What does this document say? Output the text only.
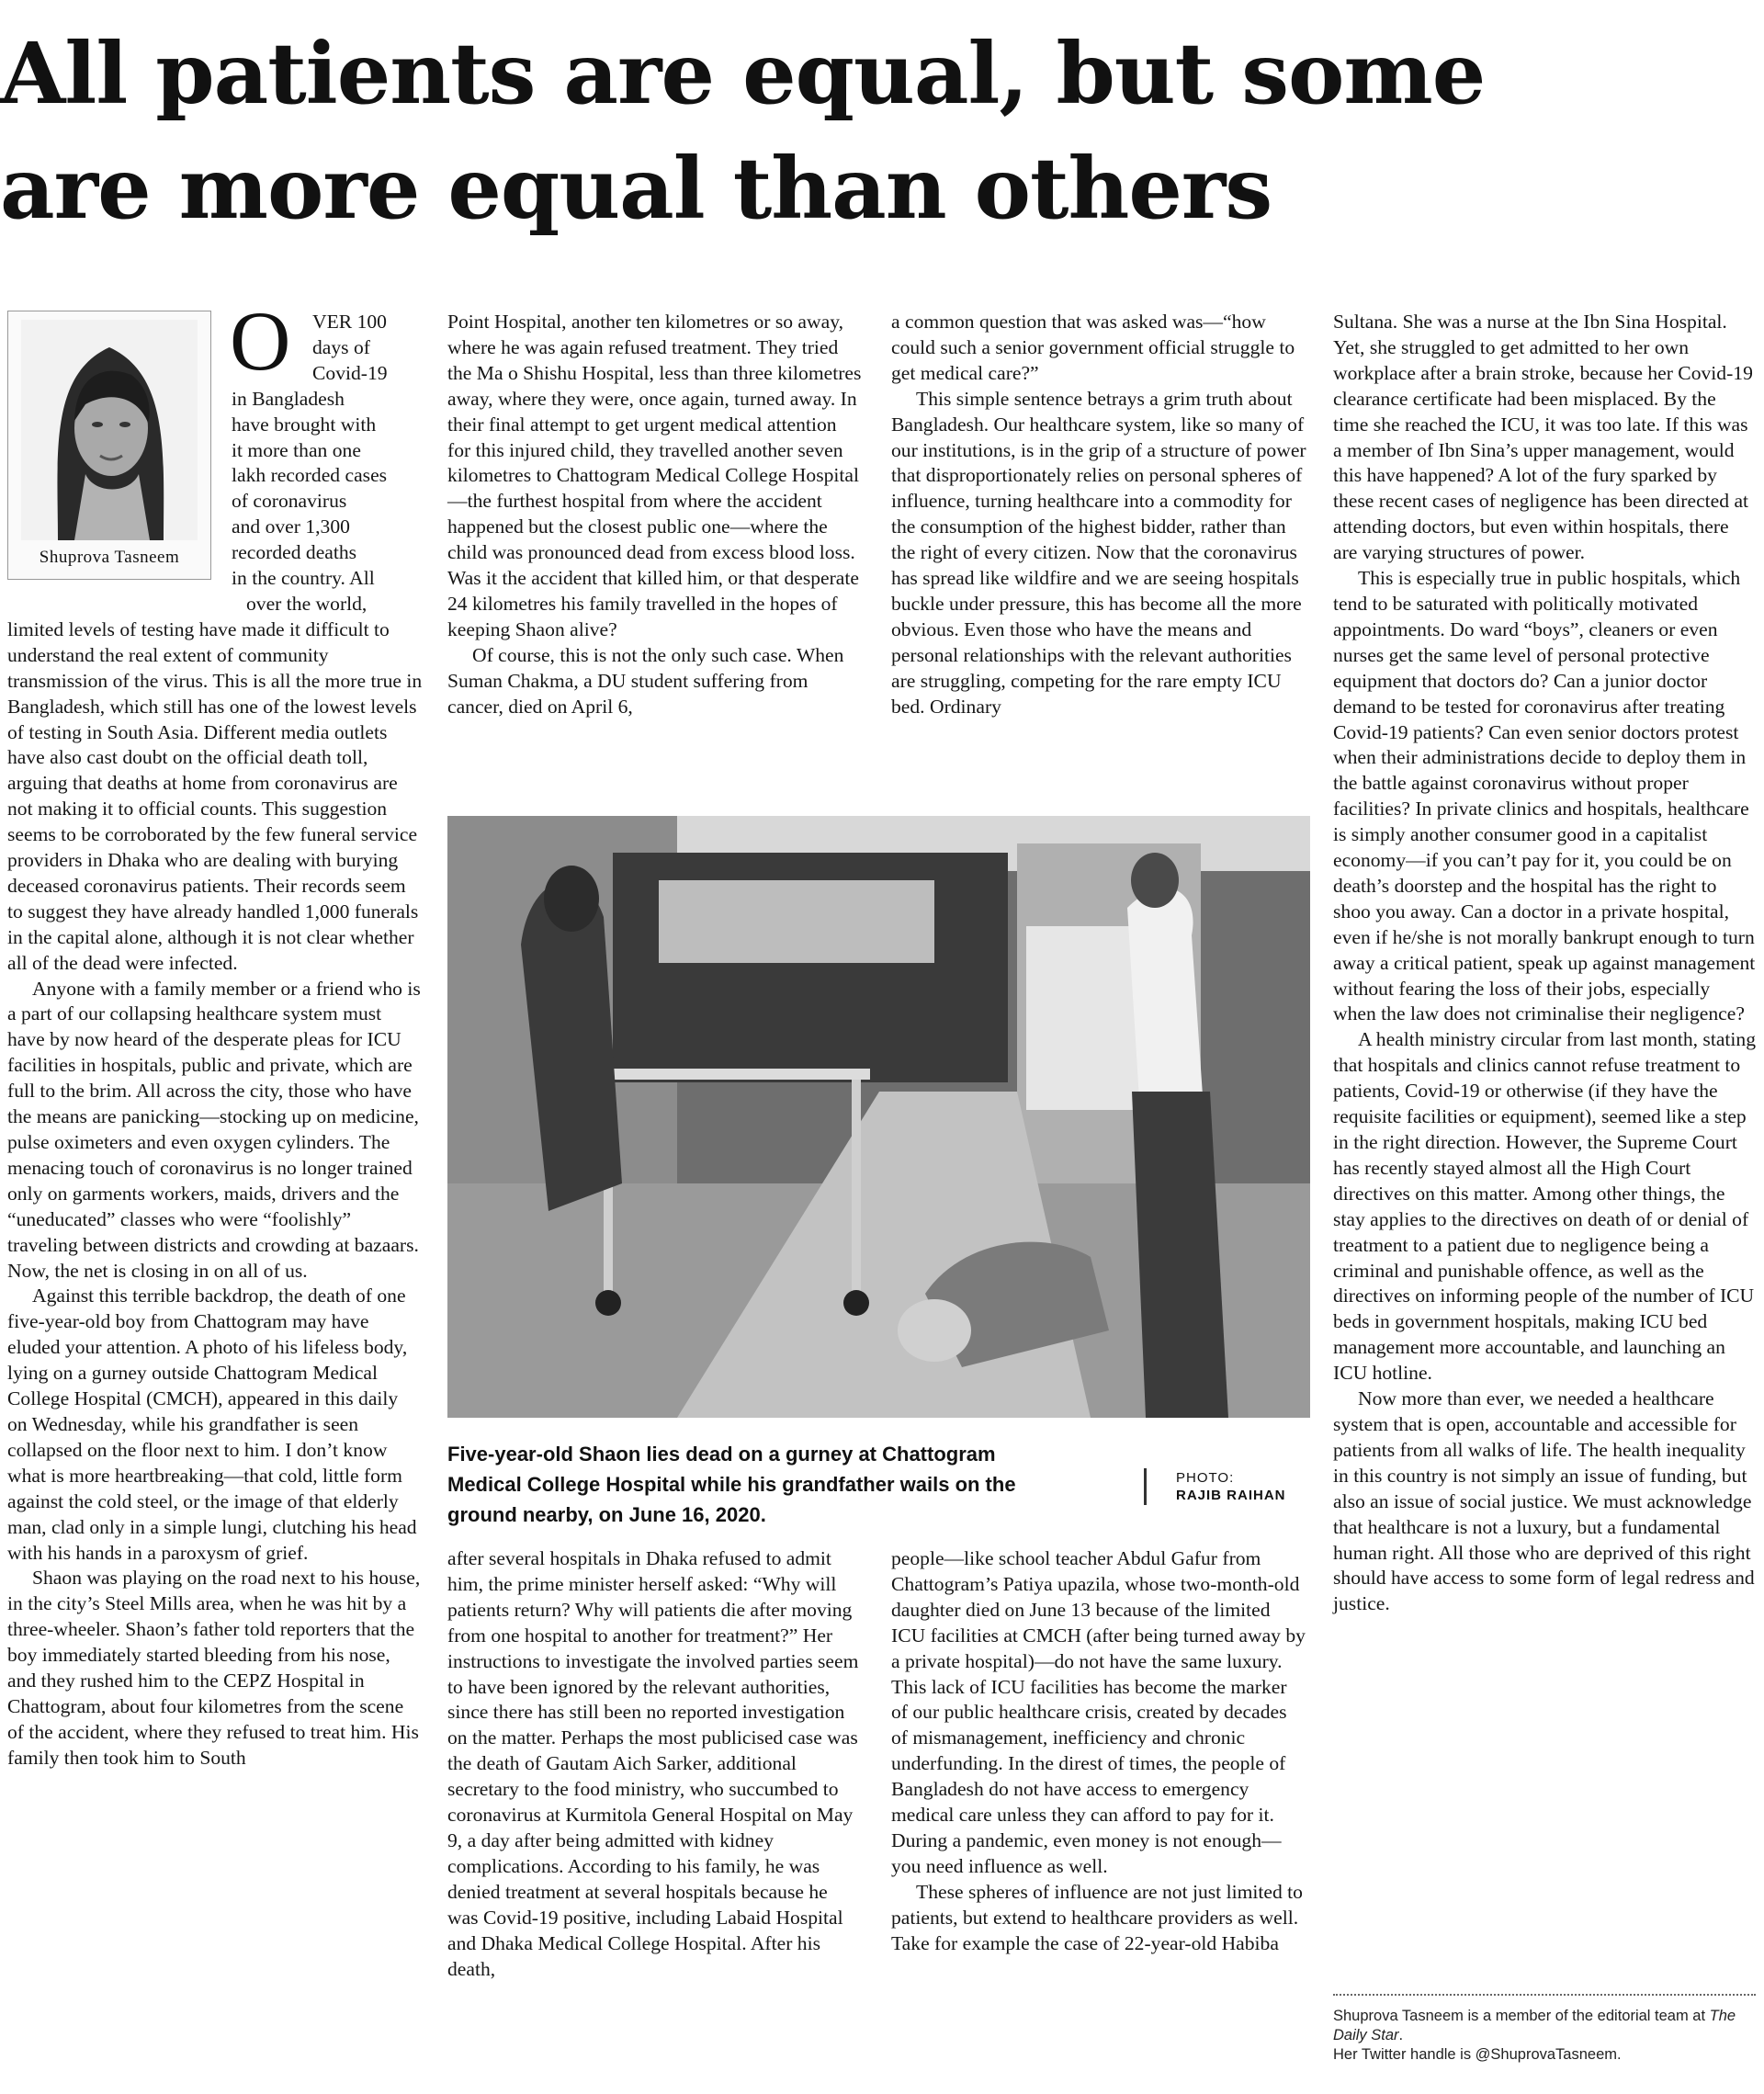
All patients are equal, but some
are more equal than others
Shuprova Tasneem
O VER 100
days of
Covid-19
in Bangladesh
have brought with
it more than one
lakh recorded cases
of coronavirus
and over 1,300
recorded deaths
in the country. All
over the world,

limited levels of testing have made it difficult to understand the real extent of community transmission of the virus. This is all the more true in Bangladesh, which still has one of the lowest levels of testing in South Asia. Different media outlets have also cast doubt on the official death toll, arguing that deaths at home from coronavirus are not making it to official counts. This suggestion seems to be corroborated by the few funeral service providers in Dhaka who are dealing with burying deceased coronavirus patients. Their records seem to suggest they have already handled 1,000 funerals in the capital alone, although it is not clear whether all of the dead were infected.

Anyone with a family member or a friend who is a part of our collapsing healthcare system must have by now heard of the desperate pleas for ICU facilities in hospitals, public and private, which are full to the brim. All across the city, those who have the means are panicking—stocking up on medicine, pulse oximeters and even oxygen cylinders. The menacing touch of coronavirus is no longer trained only on garments workers, maids, drivers and the “uneducated” classes who were “foolishly” traveling between districts and crowding at bazaars. Now, the net is closing in on all of us.

Against this terrible backdrop, the death of one five-year-old boy from Chattogram may have eluded your attention. A photo of his lifeless body, lying on a gurney outside Chattogram Medical College Hospital (CMCH), appeared in this daily on Wednesday, while his grandfather is seen collapsed on the floor next to him. I don’t know what is more heartbreaking—that cold, little form against the cold steel, or the image of that elderly man, clad only in a simple lungi, clutching his head with his hands in a paroxysm of grief.

Shaon was playing on the road next to his house, in the city’s Steel Mills area, when he was hit by a three-wheeler. Shaon’s father told reporters that the boy immediately started bleeding from his nose, and they rushed him to the CEPZ Hospital in Chattogram, about four kilometres from the scene of the accident, where they refused to treat him. His family then took him to South

Point Hospital, another ten kilometres or so away, where he was again refused treatment. They tried the Ma o Shishu Hospital, less than three kilometres away, where they were, once again, turned away. In their final attempt to get urgent medical attention for this injured child, they travelled another seven kilometres to Chattogram Medical College Hospital—the furthest hospital from where the accident happened but the closest public one—where the child was pronounced dead from excess blood loss. Was it the accident that killed him, or that desperate 24 kilometres his family travelled in the hopes of keeping Shaon alive?

Of course, this is not the only such case. When Suman Chakma, a DU student suffering from cancer, died on April 6,

a common question that was asked was—“how could such a senior government official struggle to get medical care?”

This simple sentence betrays a grim truth about Bangladesh. Our healthcare system, like so many of our institutions, is in the grip of a structure of power that disproportionately relies on personal spheres of influence, turning healthcare into a commodity for the consumption of the highest bidder, rather than the right of every citizen. Now that the coronavirus has spread like wildfire and we are seeing hospitals buckle under pressure, this has become all the more obvious. Even those who have the means and personal relationships with the relevant authorities are struggling, competing for the rare empty ICU bed. Ordinary

Five-year-old Shaon lies dead on a gurney at Chattogram Medical College Hospital while his grandfather wails on the ground nearby, on June 16, 2020.

PHOTO:
RAJIB RAIHAN

after several hospitals in Dhaka refused to admit him, the prime minister herself asked: “Why will patients return? Why will patients die after moving from one hospital to another for treatment?” Her instructions to investigate the involved parties seem to have been ignored by the relevant authorities, since there has still been no reported investigation on the matter. Perhaps the most publicised case was the death of Gautam Aich Sarker, additional secretary to the food ministry, who succumbed to coronavirus at Kurmitola General Hospital on May 9, a day after being admitted with kidney complications. According to his family, he was denied treatment at several hospitals because he was Covid-19 positive, including Labaid Hospital and Dhaka Medical College Hospital. After his death,

people—like school teacher Abdul Gafur from Chattogram’s Patiya upazila, whose two-month-old daughter died on June 13 because of the limited ICU facilities at CMCH (after being turned away by a private hospital)—do not have the same luxury. This lack of ICU facilities has become the marker of our public healthcare crisis, created by decades of mismanagement, inefficiency and chronic underfunding. In the direst of times, the people of Bangladesh do not have access to emergency medical care unless they can afford to pay for it. During a pandemic, even money is not enough—you need influence as well.

These spheres of influence are not just limited to patients, but extend to healthcare providers as well. Take for example the case of 22-year-old Habiba

Sultana. She was a nurse at the Ibn Sina Hospital. Yet, she struggled to get admitted to her own workplace after a brain stroke, because her Covid-19 clearance certificate had been misplaced. By the time she reached the ICU, it was too late. If this was a member of Ibn Sina’s upper management, would this have happened? A lot of the fury sparked by these recent cases of negligence has been directed at attending doctors, but even within hospitals, there are varying structures of power.

This is especially true in public hospitals, which tend to be saturated with politically motivated appointments. Do ward “boys”, cleaners or even nurses get the same level of personal protective equipment that doctors do? Can a junior doctor demand to be tested for coronavirus after treating Covid-19 patients? Can even senior doctors protest when their administrations decide to deploy them in the battle against coronavirus without proper facilities? In private clinics and hospitals, healthcare is simply another consumer good in a capitalist economy—if you can’t pay for it, you could be on death’s doorstep and the hospital has the right to shoo you away. Can a doctor in a private hospital, even if he/she is not morally bankrupt enough to turn away a critical patient, speak up against management without fearing the loss of their jobs, especially when the law does not criminalise their negligence?

A health ministry circular from last month, stating that hospitals and clinics cannot refuse treatment to patients, Covid-19 or otherwise (if they have the requisite facilities or equipment), seemed like a step in the right direction. However, the Supreme Court has recently stayed almost all the High Court directives on this matter. Among other things, the stay applies to the directives on death of or denial of treatment to a patient due to negligence being a criminal and punishable offence, as well as the directives on informing people of the number of ICU beds in government hospitals, making ICU bed management more accountable, and launching an ICU hotline.

Now more than ever, we needed a healthcare system that is open, accountable and accessible for patients from all walks of life. The health inequality in this country is not simply an issue of funding, but also an issue of social justice. We must acknowledge that healthcare is not a luxury, but a fundamental human right. All those who are deprived of this right should have access to some form of legal redress and justice.

Shuprova Tasneem is a member of the editorial team at The Daily Star.
Her Twitter handle is @ShuprovaTasneem.
